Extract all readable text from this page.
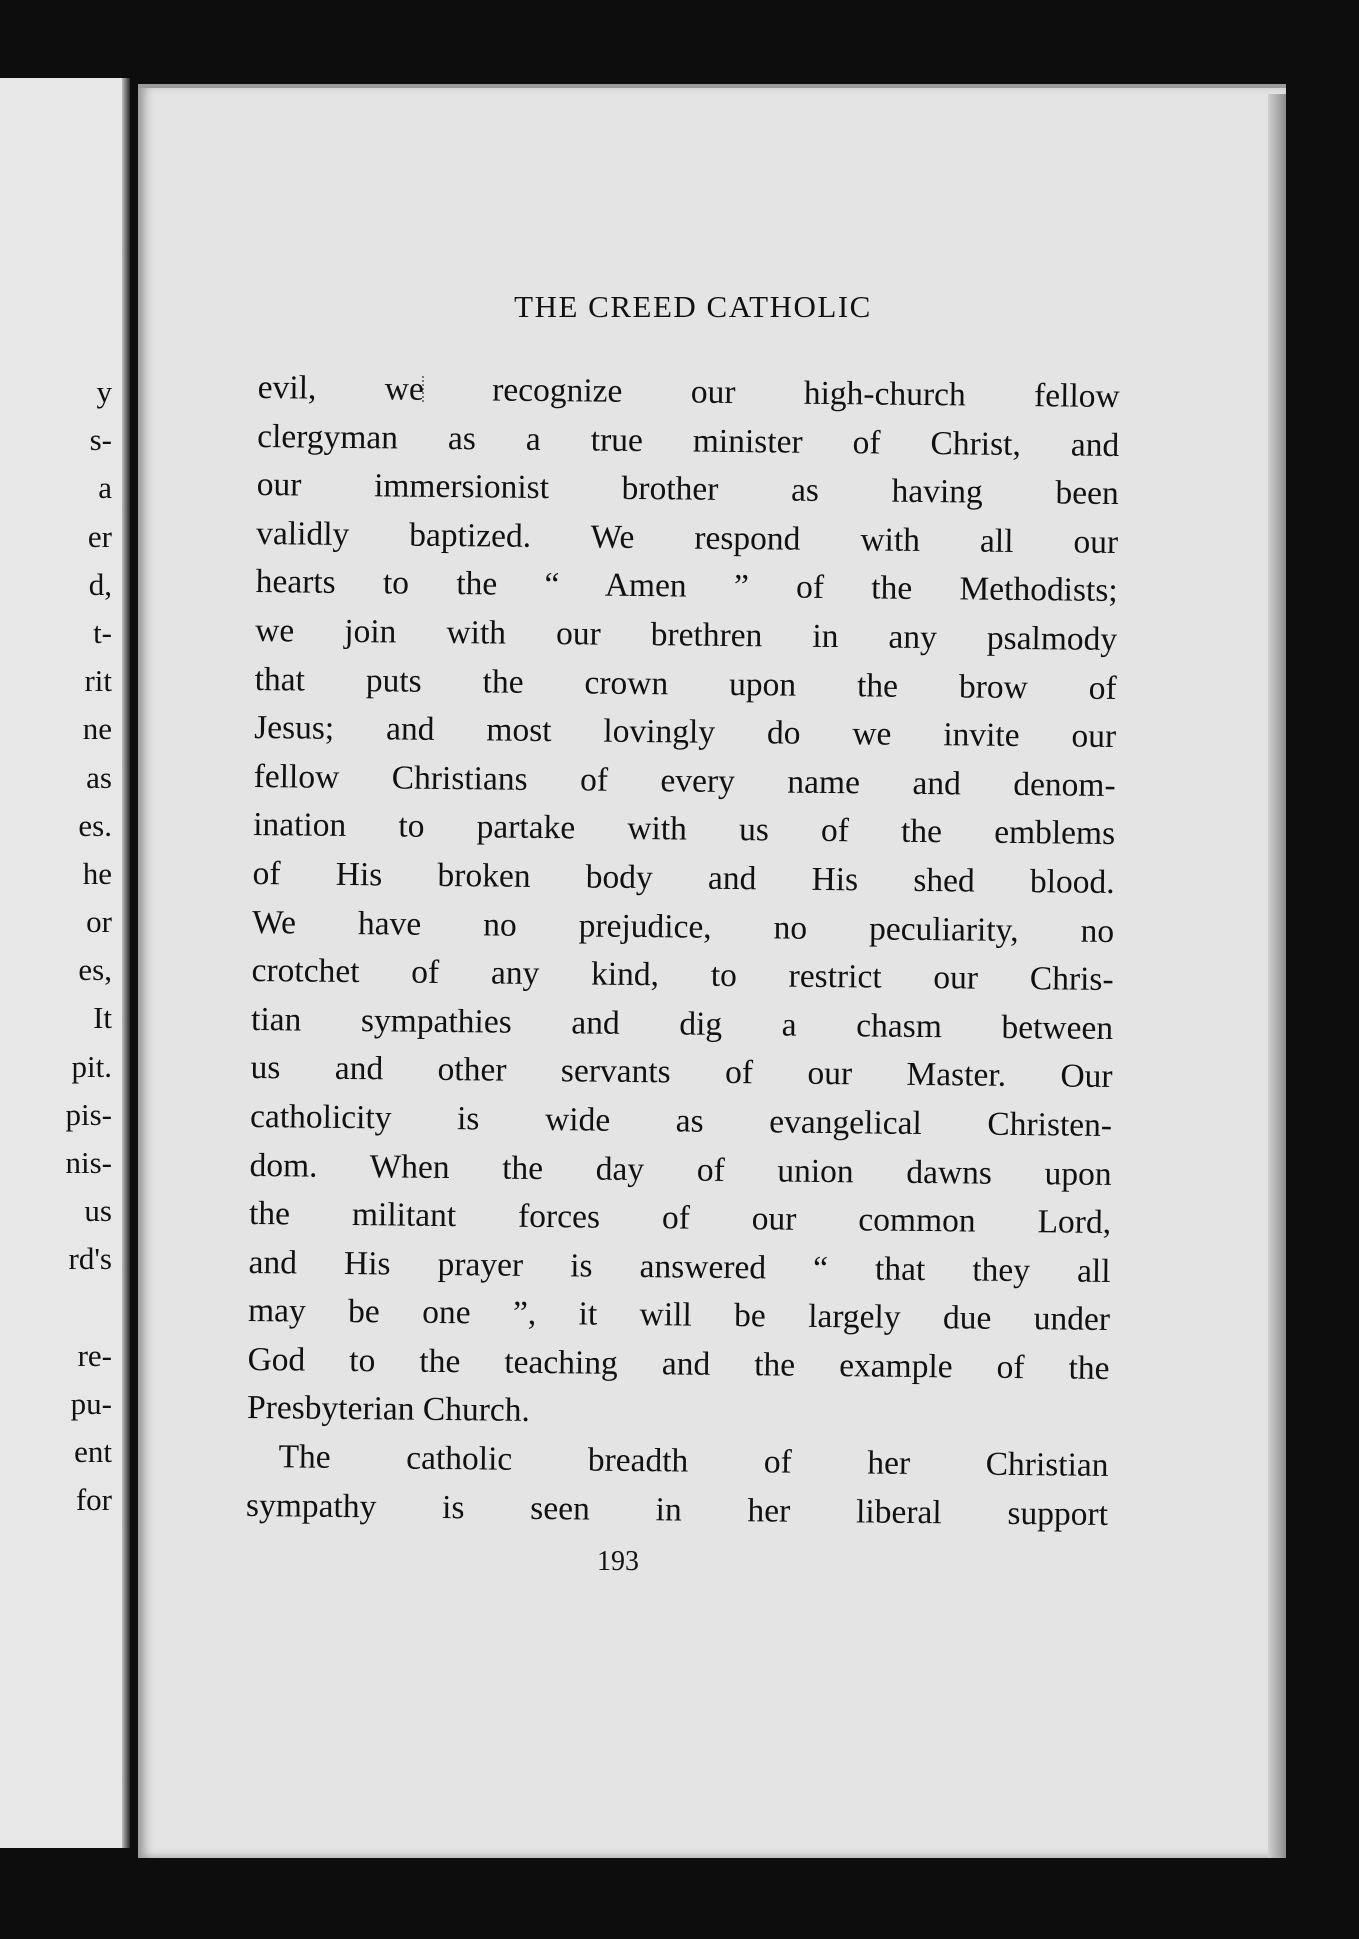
y
s-
a
er
d,
t-
rit
ne
as
es.
he
or
es,
It
pit.
pis-
nis-
us
rd's
re-
pu-
ent
for
THE CREED CATHOLIC
evil, we recognize our high-church fellow
clergyman as a true minister of Christ, and
our immersionist brother as having been
validly baptized. We respond with all our
hearts to the “ Amen ” of the Methodists;
we join with our brethren in any psalmody
that puts the crown upon the brow of
Jesus; and most lovingly do we invite our
fellow Christians of every name and denom-
ination to partake with us of the emblems
of His broken body and His shed blood.
We have no prejudice, no peculiarity, no
crotchet of any kind, to restrict our Chris-
tian sympathies and dig a chasm between
us and other servants of our Master. Our
catholicity is wide as evangelical Christen-
dom. When the day of union dawns upon
the militant forces of our common Lord,
and His prayer is answered “ that they all
may be one ”, it will be largely due under
God to the teaching and the example of the
Presbyterian Church.
The catholic breadth of her Christian
sympathy is seen in her liberal support
193
